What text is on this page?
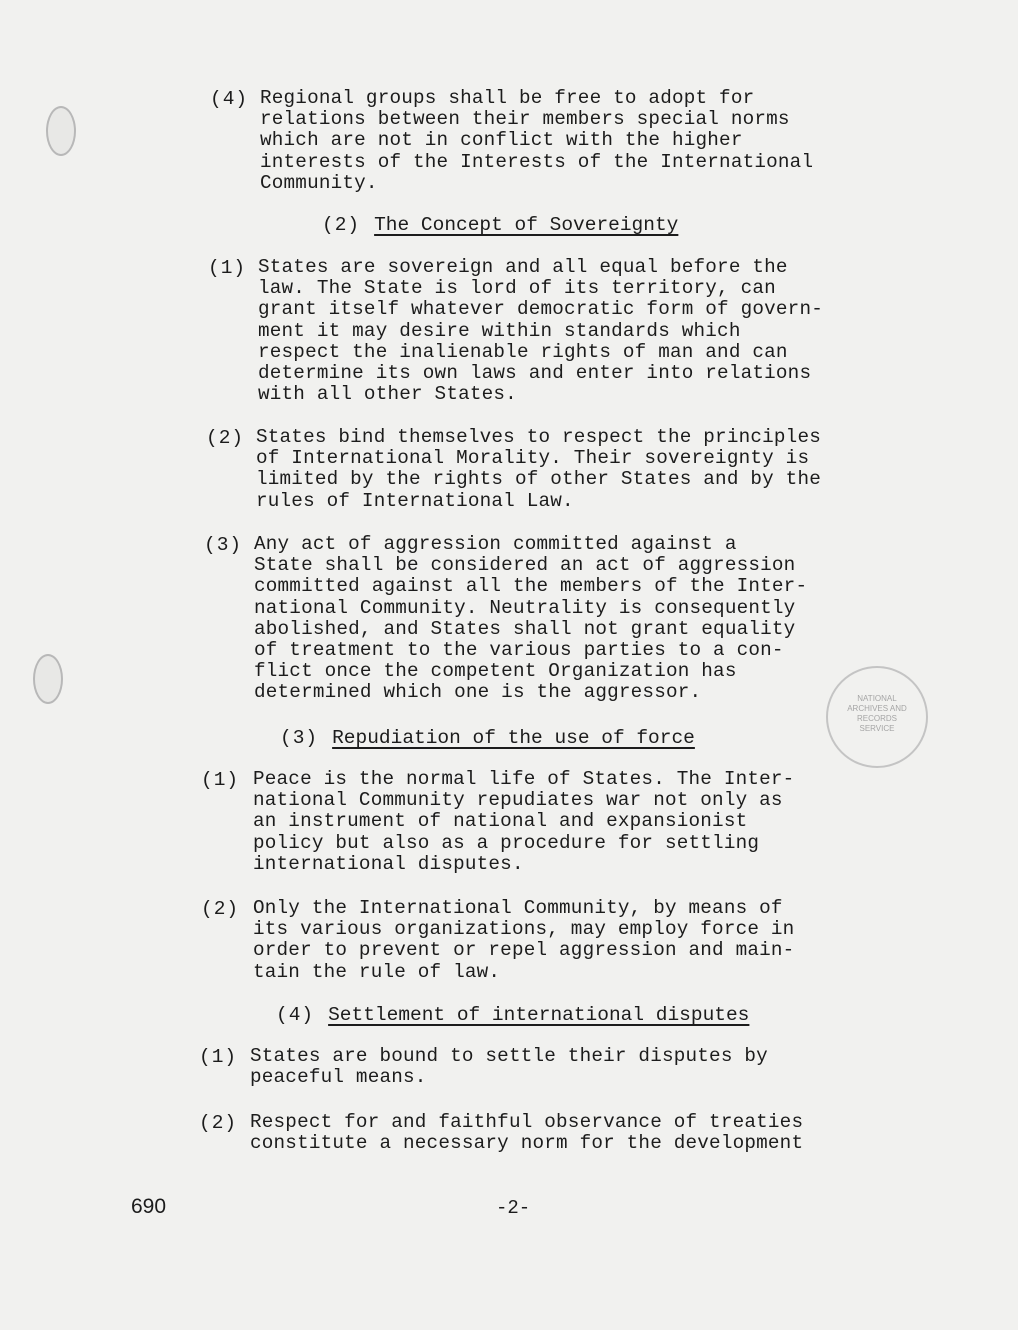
NATIONAL
ARCHIVES AND
RECORDS
SERVICE
(4) Regional groups shall be free to adopt for
relations between their members special norms
which are not in conflict with the higher
interests of the Interests of the International
Community.
(2) The Concept of Sovereignty
(1) States are sovereign and all equal before the
law. The State is lord of its territory, can
grant itself whatever democratic form of govern-
ment it may desire within standards which
respect the inalienable rights of man and can
determine its own laws and enter into relations
with all other States.
(2) States bind themselves to respect the principles
of International Morality. Their sovereignty is
limited by the rights of other States and by the
rules of International Law.
(3) Any act of aggression committed against a
State shall be considered an act of aggression
committed against all the members of the Inter-
national Community. Neutrality is consequently
abolished, and States shall not grant equality
of treatment to the various parties to a con-
flict once the competent Organization has
determined which one is the aggressor.
(3) Repudiation of the use of force
(1) Peace is the normal life of States. The Inter-
national Community repudiates war not only as
an instrument of national and expansionist
policy but also as a procedure for settling
international disputes.
(2) Only the International Community, by means of
its various organizations, may employ force in
order to prevent or repel aggression and main-
tain the rule of law.
(4) Settlement of international disputes
(1) States are bound to settle their disputes by
peaceful means.
(2) Respect for and faithful observance of treaties
constitute a necessary norm for the development
690	-2-
